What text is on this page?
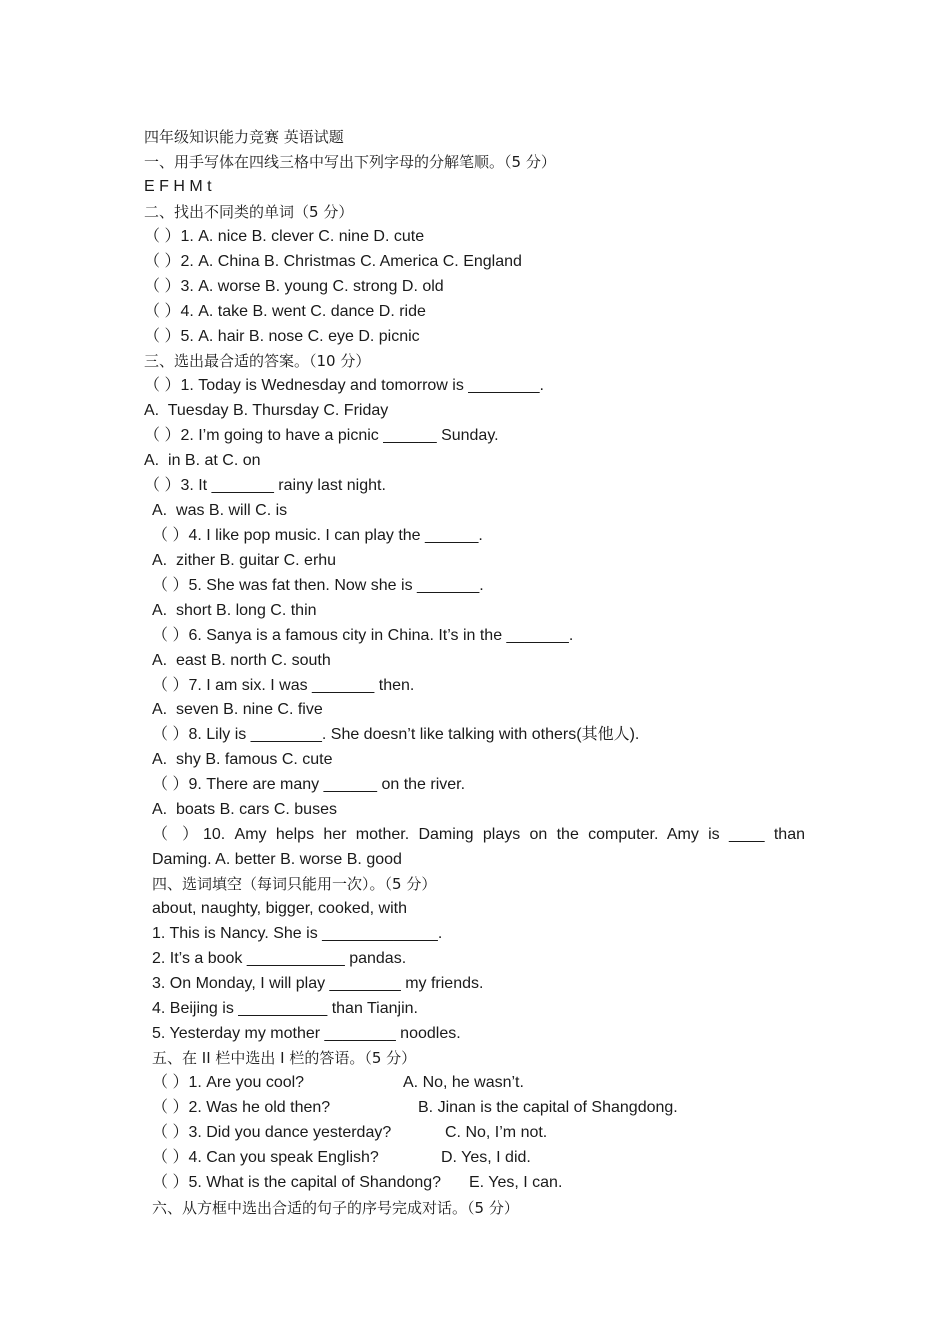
四年级知识能力竞赛 英语试题
一、用手写体在四线三格中写出下列字母的分解笔顺。（5 分）
E F H M t
二、找出不同类的单词（5 分）
（ ）1. A. nice B. clever C. nine D. cute
（ ）2. A. China B. Christmas C. America C. England
（ ）3. A. worse B. young C. strong D. old
（ ）4. A. take B. went C. dance D. ride
（ ）5. A. hair B. nose C. eye D. picnic
三、选出最合适的答案。（10 分）
（ ）1. Today is Wednesday and tomorrow is ________.
A.  Tuesday B. Thursday C. Friday
（ ）2. I’m going to have a picnic ______ Sunday.
A.  in B. at C. on
（ ）3. It _______ rainy last night.
A.  was B. will C. is
（ ）4. I like pop music. I can play the ______.
A.  zither B. guitar C. erhu
（ ）5. She was fat then. Now she is _______.
A.  short B. long C. thin
（ ）6. Sanya is a famous city in China. It’s in the _______.
A.  east B. north C. south
（ ）7. I am six. I was _______ then.
A.  seven B. nine C. five
（ ）8. Lily is ________. She doesn’t like talking with others(其他人).
A.  shy B. famous C. cute
（ ）9. There are many ______ on the river.
A.  boats B. cars C. buses
（ ）10. Amy helps her mother. Daming plays on the computer. Amy is ____ than
Daming. A. better B. worse B. good
四、选词填空（每词只能用一次）。（5 分）
about, naughty, bigger, cooked, with
1. This is Nancy. She is _____________.
2. It’s a book ___________ pandas.
3. On Monday, I will play ________ my friends.
4. Beijing is __________ than Tianjin.
5. Yesterday my mother ________ noodles.
五、在 II 栏中选出 I 栏的答语。（5 分）
（ ）1. Are you cool?	A. No, he wasn’t.
（ ）2. Was he old then?	B. Jinan is the capital of Shangdong.
（ ）3. Did you dance yesterday?	C. No, I’m not.
（ ）4. Can you speak English?	D. Yes, I did.
（ ）5. What is the capital of Shandong? E. Yes, I can.
六、从方框中选出合适的句子的序号完成对话。（5 分）
